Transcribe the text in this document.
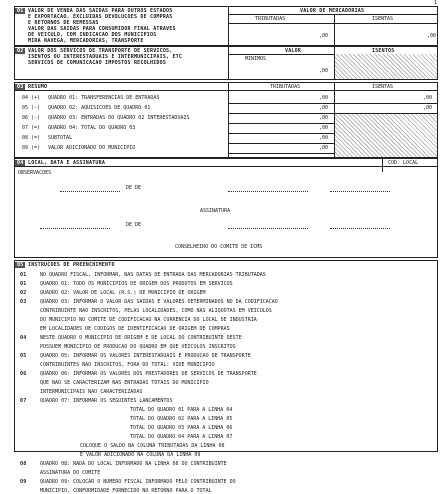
1
01 VALOR DE VENDA DAS SAIDAS PARA OUTROS ESTADOS
E EXPORTACAO, EXCLUIDAS DEVOLUCOES DE COMPRAS
E RETORNOS DE REMESSAS
VALOR DAS SAIDAS PARA CONSUMIDOR FINAL ATRAVES
DE VEICULO, COM INDICACAO DOS MUNICIPIOS
MIRA NAVEGA, MERCADORIAS, TRANSPORTE
VALOR DE MERCADORIAS
TRIBUTADAS	ISENTAS
,00	,00
02 VALOR DOS SERVICOS DE TRANSPORTE DE SERVICOS,
ISENTOS OU INTERESTADUAIS E INTERMUNICIPAIS, ETC
SERVICOS DE COMUNICACAO IMPOSTOS RECOLHIDOS
VALOR	ISENTOS
MINIMOS
,00
03 RESUMO	TRIBUTADAS	ISENTAS
04 (+) QUADRO 01: TRANSFERENCIAS DE ENTRADAS	,00	,00
05 (-) QUADRO 02: AQUISICOES DE QUADRO 01	,00	,00
06 (-) QUADRO 03: ENTRADAS DO QUADRO 02 INTERESTADUAIS	,00
07 (=) QUADRO 04: TOTAL DO QUADRO 03	,00
08 (=) SUBTOTAL	,00
09 (=) VALOR ADICIONADO DO MUNICIPIO	,00
04 LOCAL, DATA E ASSINATURA	COD. LOCAL
OBSERVACOES
DE DE
ASSINATURA
DE DE
CONSELHEIRO DO COMITE DE ICMS
05 INSTRUCOES DE PREENCHIMENTO
01	NO QUADRO FISCAL, INFORMAR, NAS DATAS DE ENTRADA DAS MERCADORIAS TRIBUTADAS
01	QUADRO 01: TODO OS MUNICIPIOS DE ORIGEM DOS PRODUTOS EM SERVICOS
02	QUADRO 02: VALOR DE LOCAL (R.S.) DE MUNICIPIO DE ORIGEM
03	QUADRO 03: INFORMAR O VALOR DAS SAIDAS E VALORES DETERMINADOS NO DA CODIFICACAO
CONTRIBUINTE NAO INSCRITOS, PELAS LOCALIDADES, COMO NAS ALIQUOTAS EM VEICULOS
DO MUNICIPIO NO COMITE DE CODIFICACAO NA CORRENCIA DO LOCAL DE INDUSTRIA
EM LOCALIDADES DE CODIGOS DE IDENTIFICACAO DE ORIGEM DE COMPRAS
04	NESTE QUADRO O MUNICIPIO DE ORIGEM E DE LOCAL DO CONTRIBUINTE DESTE
POSSUEM MUNICIPIO DE PRODUCAO DO QUADRO EM QUE VEICULOS INSCRITOS
05	QUADRO 05: INFORMAR OS VALORES INTERESTADUAIS E PRODUCAO DE TRANSPORTE
CONTRIBUINTES NAO INSCRITOS, FORA DO TOTAL: VIDE MUNICIPIO
06	QUADRO 06: INFORMAR OS VALORES DOS PRESTADORES DE SERVICOS DE TRANSPORTE
QUE NAO SE CARACTERIZAM NAS ENTRADAS TOTAIS DO MUNICIPIO
INTERMUNICIPAIS NAO CARACTERIZADAS
07	QUADRO 07: INFORMAR OS SEGUINTES LANCAMENTOS
TOTAL DO QUADRO 01 PARA A LINHA 04
TOTAL DO QUADRO 02 PARA A LINHA 05
TOTAL DO QUADRO 03 PARA A LINHA 06
TOTAL DO QUADRO 04 PARA A LINHA 07
COLOQUE O SALDO NA COLUNA TRIBUTADAS DA LINHA 08
E VALOR ADICIONADO NA COLUNA DA LINHA 09
08	QUADRO 08: NADA DO LOCAL INFORMADO NA LINHA 08 DO CONTRIBUINTE
ASSINATURA DO COMITE
09	QUADRO 09: COLOCAR O NUMERO FISCAL INFORMADO PELO CONTRIBUINTE DO
MUNICIPIO, CONFORMIDADE FORNECIDO NO RETORNO PARA O TOTAL
